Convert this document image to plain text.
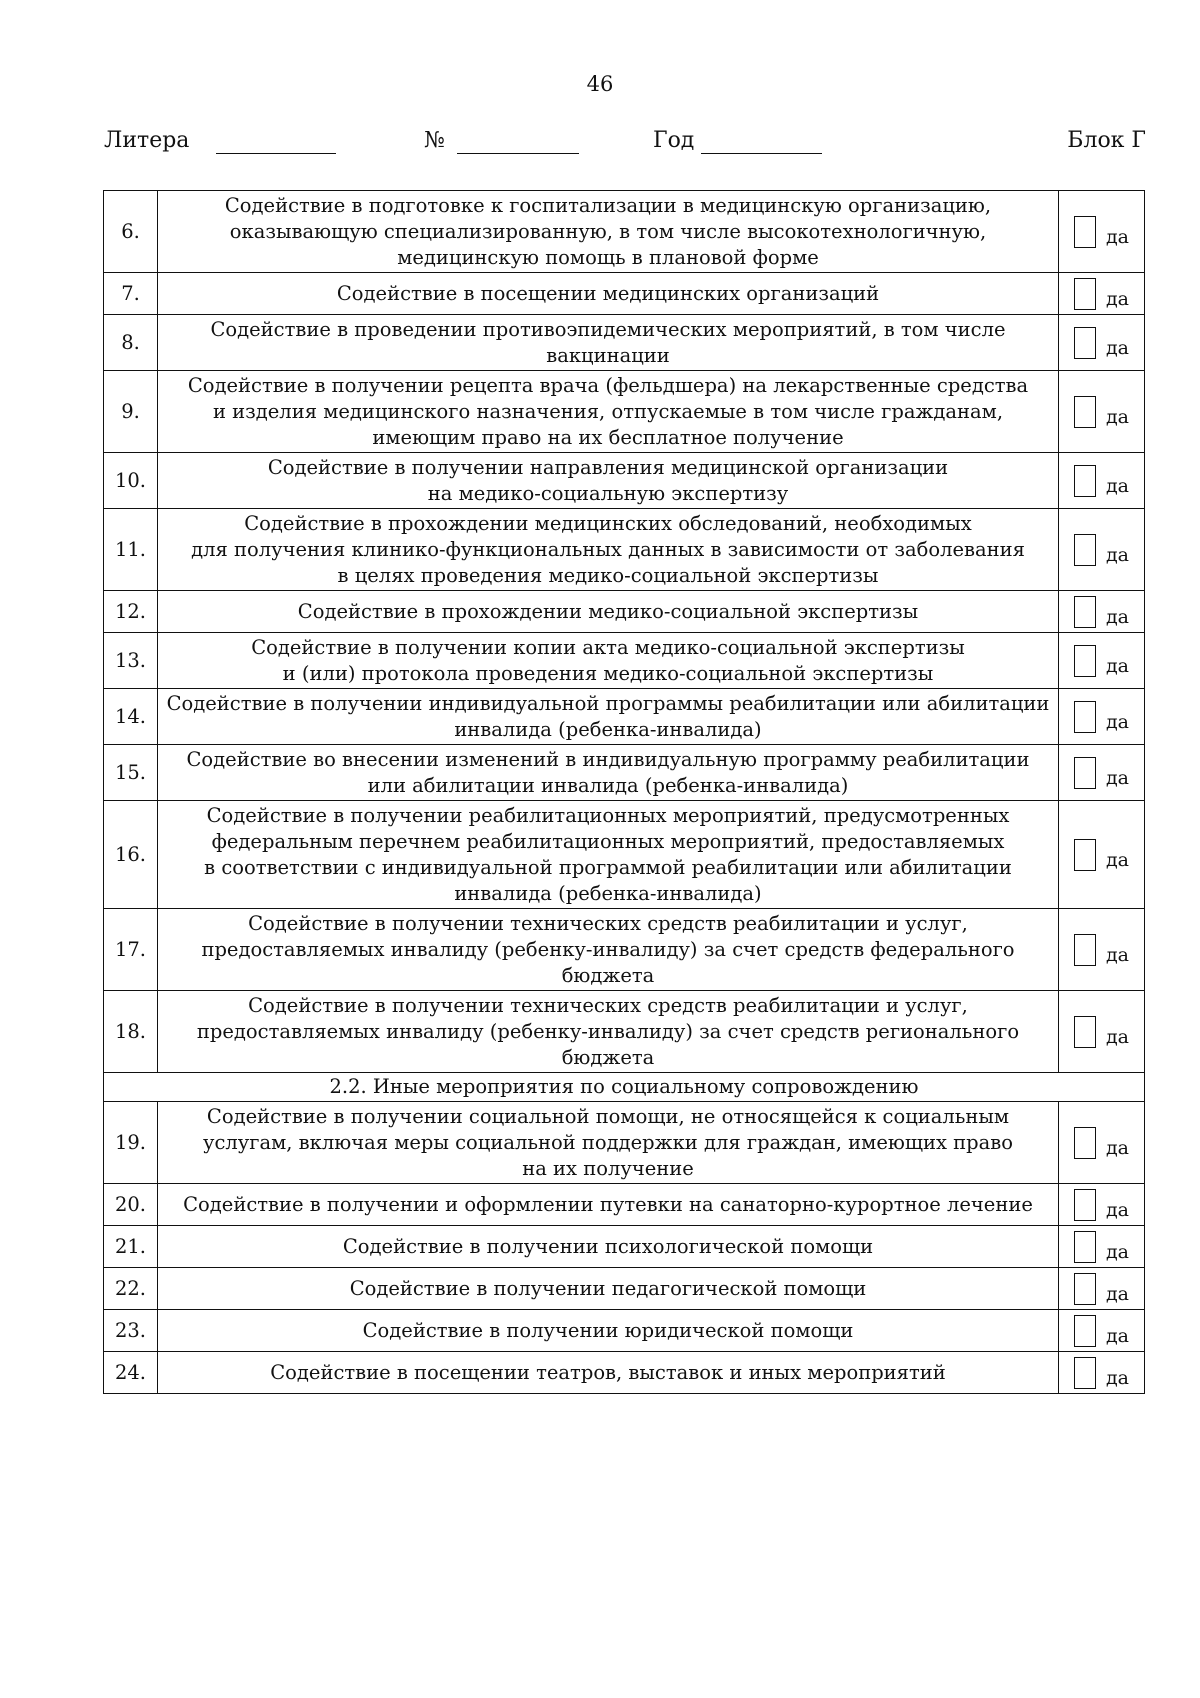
46
Литера	№	Год	Блок Г
6.	Содействие в подготовке к госпитализации в медицинскую организацию,
оказывающую специализированную, в том числе высокотехнологичную,
медицинскую помощь в плановой форме	да

7.	Содействие в посещении медицинских организаций	да

8.	Содействие в проведении противоэпидемических мероприятий, в том числе
вакцинации	да

9.	Содействие в получении рецепта врача (фельдшера) на лекарственные средства
и изделия медицинского назначения, отпускаемые в том числе гражданам,
имеющим право на их бесплатное получение	да

10.	Содействие в получении направления медицинской организации
на медико-социальную экспертизу	да

11.	Содействие в прохождении медицинских обследований, необходимых
для получения клинико-функциональных данных в зависимости от заболевания
в целях проведения медико-социальной экспертизы	да

12.	Содействие в прохождении медико-социальной экспертизы	да

13.	Содействие в получении копии акта медико-социальной экспертизы
и (или) протокола проведения медико-социальной экспертизы	да

14.	Содействие в получении индивидуальной программы реабилитации или абилитации
инвалида (ребенка-инвалида)	да

15.	Содействие во внесении изменений в индивидуальную программу реабилитации
или абилитации инвалида (ребенка-инвалида)	да

16.	Содействие в получении реабилитационных мероприятий, предусмотренных
федеральным перечнем реабилитационных мероприятий, предоставляемых
в соответствии с индивидуальной программой реабилитации или абилитации
инвалида (ребенка-инвалида)	да

17.	Содействие в получении технических средств реабилитации и услуг,
предоставляемых инвалиду (ребенку-инвалиду) за счет средств федерального
бюджета	да

18.	Содействие в получении технических средств реабилитации и услуг,
предоставляемых инвалиду (ребенку-инвалиду) за счет средств регионального
бюджета	да

2.2. Иные мероприятия по социальному сопровождению		
19.	Содействие в получении социальной помощи, не относящейся к социальным
услугам, включая меры социальной поддержки для граждан, имеющих право
на их получение	да

20.	Содействие в получении и оформлении путевки на санаторно-курортное лечение	да

21.	Содействие в получении психологической помощи	да

22.	Содействие в получении педагогической помощи	да

23.	Содействие в получении юридической помощи	да

24.	Содействие в посещении театров, выставок и иных мероприятий	да
